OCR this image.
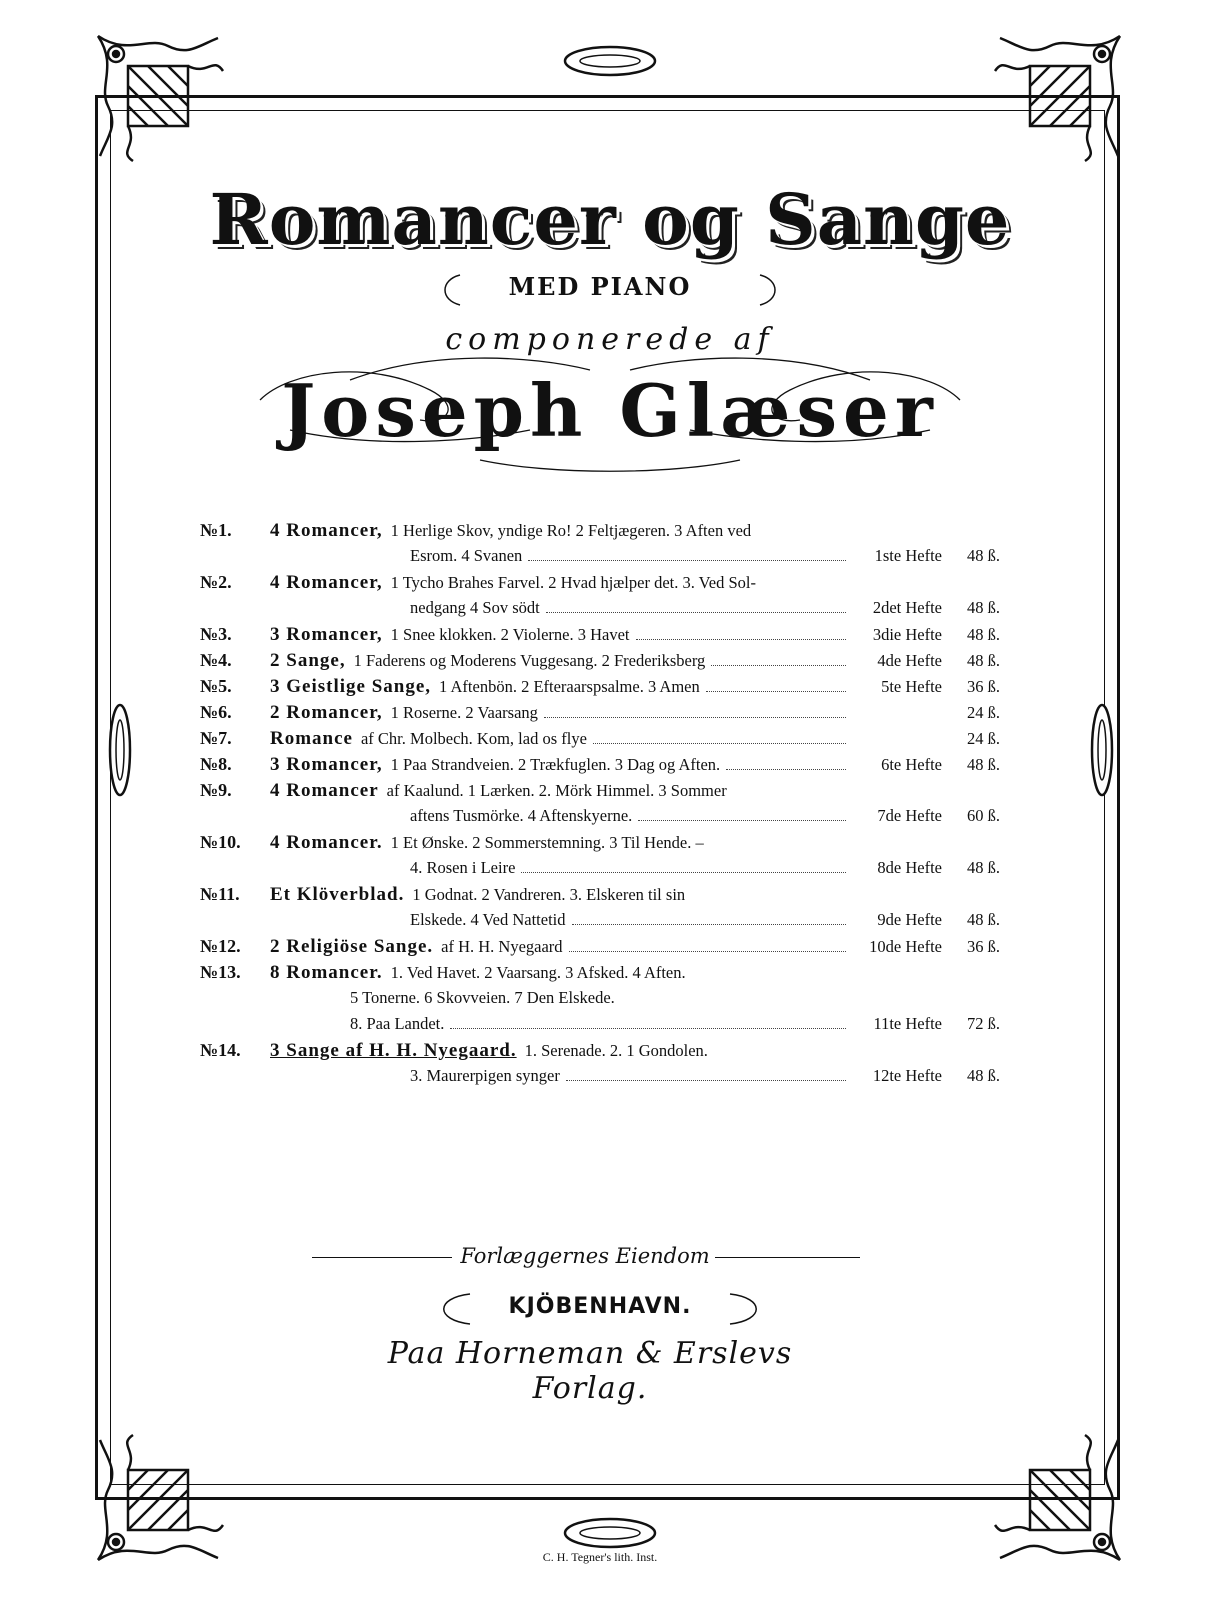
Romancer og Sange
MED PIANO
componerede af
Joseph Glæser
№1.	4 Romancer, 1 Herlige Skov, yndige Ro! 2 Feltjægeren. 3 Aften ved
Esrom. 4 Svanen	1ste Hefte	48 ß.
№2.	4 Romancer, 1 Tycho Brahes Farvel. 2 Hvad hjælper det. 3. Ved Sol-
nedgang 4 Sov södt	2det Hefte	48 ß.
№3.	3 Romancer, 1 Snee klokken. 2 Violerne. 3 Havet	3die Hefte	48 ß.
№4.	2 Sange, 1 Faderens og Moderens Vuggesang. 2 Frederiksberg	4de Hefte	48 ß.
№5.	3 Geistlige Sange, 1 Aftenbön. 2 Efteraarspsalme. 3 Amen	5te Hefte	36 ß.
№6.	2 Romancer, 1 Roserne. 2 Vaarsang	24 ß.
№7.	Romance af Chr. Molbech. Kom, lad os flye	24 ß.
№8.	3 Romancer, 1 Paa Strandveien. 2 Trækfuglen. 3 Dag og Aften.	6te Hefte	48 ß.
№9.	4 Romancer af Kaalund. 1 Lærken. 2. Mörk Himmel. 3 Sommer
aftens Tusmörke. 4 Aftenskyerne.	7de Hefte	60 ß.
№10.	4 Romancer. 1 Et Ønske. 2 Sommerstemning. 3 Til Hende. –
4. Rosen i Leire	8de Hefte	48 ß.
№11.	Et Klöverblad. 1 Godnat. 2 Vandreren. 3. Elskeren til sin
Elskede. 4 Ved Nattetid	9de Hefte	48 ß.
№12.	2 Religiöse Sange. af H. H. Nyegaard	10de Hefte	36 ß.
№13.	8 Romancer. 1. Ved Havet. 2 Vaarsang. 3 Afsked. 4 Aften.
5 Tonerne. 6 Skovveien. 7 Den Elskede.
8. Paa Landet.	11te Hefte	72 ß.
№14.	3 Sange af H. H. Nyegaard. 1. Serenade. 2. 1 Gondolen.
3. Maurerpigen synger	12te Hefte	48 ß.
Forlæggernes Eiendom
KJÖBENHAVN.
Paa Horneman & Erslevs Forlag.
C. H. Tegner's lith. Inst.
